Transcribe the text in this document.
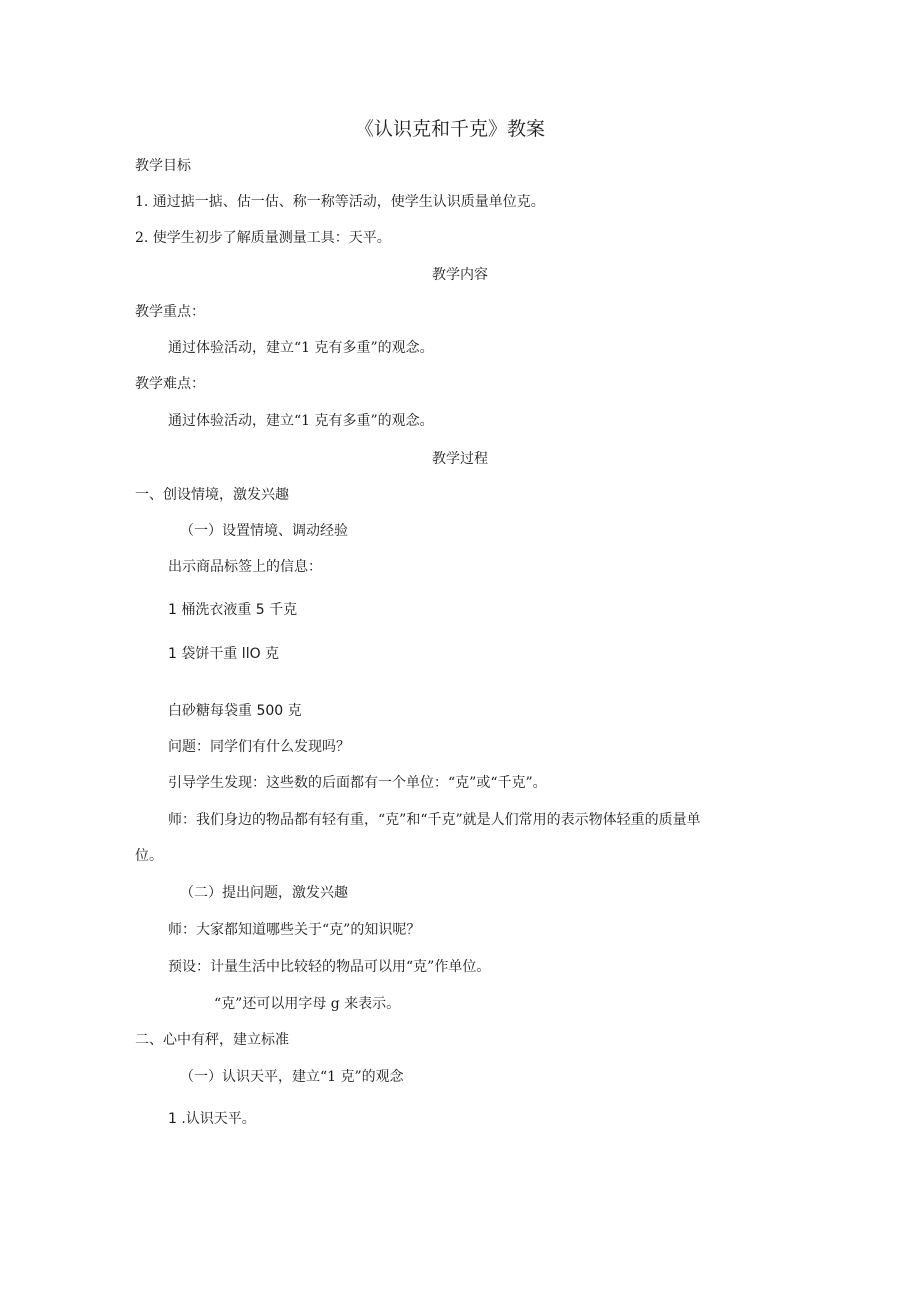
《认识克和千克》教案
教学目标
1. 通过掂一掂、估一估、称一称等活动，使学生认识质量单位克。
2. 使学生初步了解质量测量工具：天平。
教学内容
教学重点：
通过体验活动，建立“1 克有多重”的观念。
教学难点：
通过体验活动，建立“1 克有多重”的观念。
教学过程
一、创设情境，激发兴趣
（一）设置情境、调动经验
出示商品标签上的信息：
1 桶洗衣液重 5 千克
1 袋饼干重 llO 克
白砂糖每袋重 500 克
问题：同学们有什么发现吗？
引导学生发现：这些数的后面都有一个单位：“克”或“千克”。
师：我们身边的物品都有轻有重，“克”和“千克”就是人们常用的表示物体轻重的质量单
位。
（二）提出问题，激发兴趣
师：大家都知道哪些关于“克”的知识呢？
预设：计量生活中比较轻的物品可以用“克”作单位。
“克”还可以用字母 g 来表示。
二、心中有秤，建立标准
（一）认识天平，建立“1 克”的观念
1 .认识天平。
